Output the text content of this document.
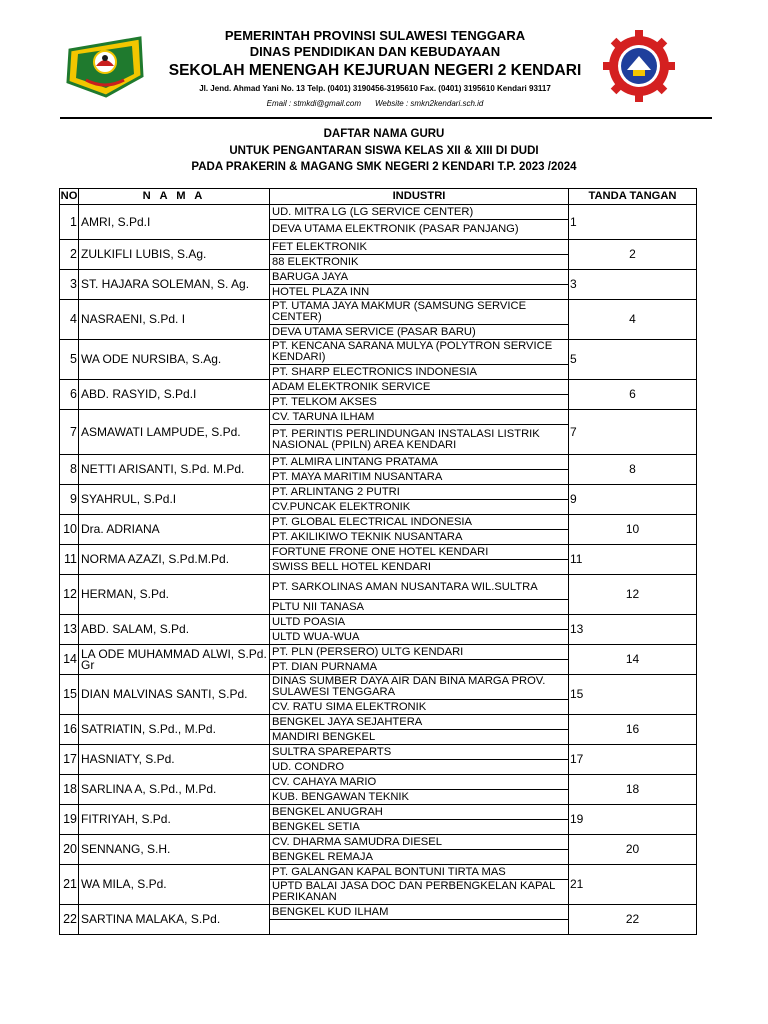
PEMERINTAH PROVINSI SULAWESI TENGGARA
DINAS PENDIDIKAN DAN KEBUDAYAAN
SEKOLAH MENENGAH KEJURUAN NEGERI 2 KENDARI
Jl. Jend. Ahmad Yani No. 13 Telp. (0401) 3190456-3195610 Fax. (0401) 3195610 Kendari 93117
Email : stmkdi@gmail.com Website : smkn2kendari.sch.id
DAFTAR NAMA GURU
UNTUK PENGANTARAN SISWA KELAS XII & XIII DI DUDI
PADA PRAKERIN & MAGANG SMK NEGERI 2 KENDARI T.P. 2023 /2024
NO	N A M A	INDUSTRI	TANDA TANGAN
1	AMRI, S.Pd.I	UD. MITRA LG (LG SERVICE CENTER)	1
		DEVA UTAMA ELEKTRONIK (PASAR PANJANG)	
2	ZULKIFLI LUBIS, S.Ag.	FET ELEKTRONIK	2
		88 ELEKTRONIK	
3	ST. HAJARA SOLEMAN, S. Ag.	BARUGA JAYA	3
		HOTEL PLAZA INN	
4	NASRAENI, S.Pd. I	PT. UTAMA JAYA MAKMUR (SAMSUNG SERVICE CENTER)	4
		DEVA UTAMA SERVICE (PASAR BARU)	
5	WA ODE NURSIBA, S.Ag.	PT. KENCANA SARANA MULYA (POLYTRON SERVICE KENDARI)	5
		PT. SHARP ELECTRONICS INDONESIA	
6	ABD. RASYID, S.Pd.I	ADAM ELEKTRONIK SERVICE	6
		PT. TELKOM AKSES	
7	ASMAWATI LAMPUDE, S.Pd.	CV. TARUNA ILHAM	7
		PT. PERINTIS PERLINDUNGAN INSTALASI LISTRIK NASIONAL (PPILN) AREA KENDARI	
8	NETTI ARISANTI, S.Pd. M.Pd.	PT. ALMIRA LINTANG PRATAMA	8
		PT. MAYA MARITIM NUSANTARA	
9	SYAHRUL, S.Pd.I	PT. ARLINTANG 2 PUTRI	9
		CV.PUNCAK ELEKTRONIK	
10	Dra. ADRIANA	PT. GLOBAL ELECTRICAL INDONESIA	10
		PT. AKILIKIWO TEKNIK NUSANTARA	
11	NORMA AZAZI, S.Pd.M.Pd.	FORTUNE FRONE ONE HOTEL KENDARI	11
		SWISS BELL HOTEL KENDARI	
12	HERMAN, S.Pd.	PT. SARKOLINAS AMAN NUSANTARA WIL.SULTRA	12
		PLTU NII TANASA	
13	ABD. SALAM, S.Pd.	ULTD POASIA	13
		ULTD WUA-WUA	
14	LA ODE MUHAMMAD ALWI, S.Pd. Gr	PT. PLN (PERSERO) ULTG KENDARI	14
		PT. DIAN PURNAMA	
15	DIAN MALVINAS SANTI, S.Pd.	DINAS SUMBER DAYA AIR DAN BINA MARGA PROV. SULAWESI TENGGARA	15
		CV. RATU SIMA ELEKTRONIK	
16	SATRIATIN, S.Pd., M.Pd.	BENGKEL JAYA SEJAHTERA	16
		MANDIRI BENGKEL	
17	HASNIATY, S.Pd.	SULTRA SPAREPARTS	17
		UD. CONDRO	
18	SARLINA A, S.Pd., M.Pd.	CV. CAHAYA MARIO	18
		KUB. BENGAWAN TEKNIK	
19	FITRIYAH, S.Pd.	BENGKEL ANUGRAH	19
		BENGKEL SETIA	
20	SENNANG, S.H.	CV. DHARMA SAMUDRA DIESEL	20
		BENGKEL REMAJA	
21	WA MILA, S.Pd.	PT. GALANGAN KAPAL BONTUNI TIRTA MAS	21
		UPTD BALAI JASA DOC DAN PERBENGKELAN KAPAL PERIKANAN	
22	SARTINA MALAKA, S.Pd.	BENGKEL KUD ILHAM	22
